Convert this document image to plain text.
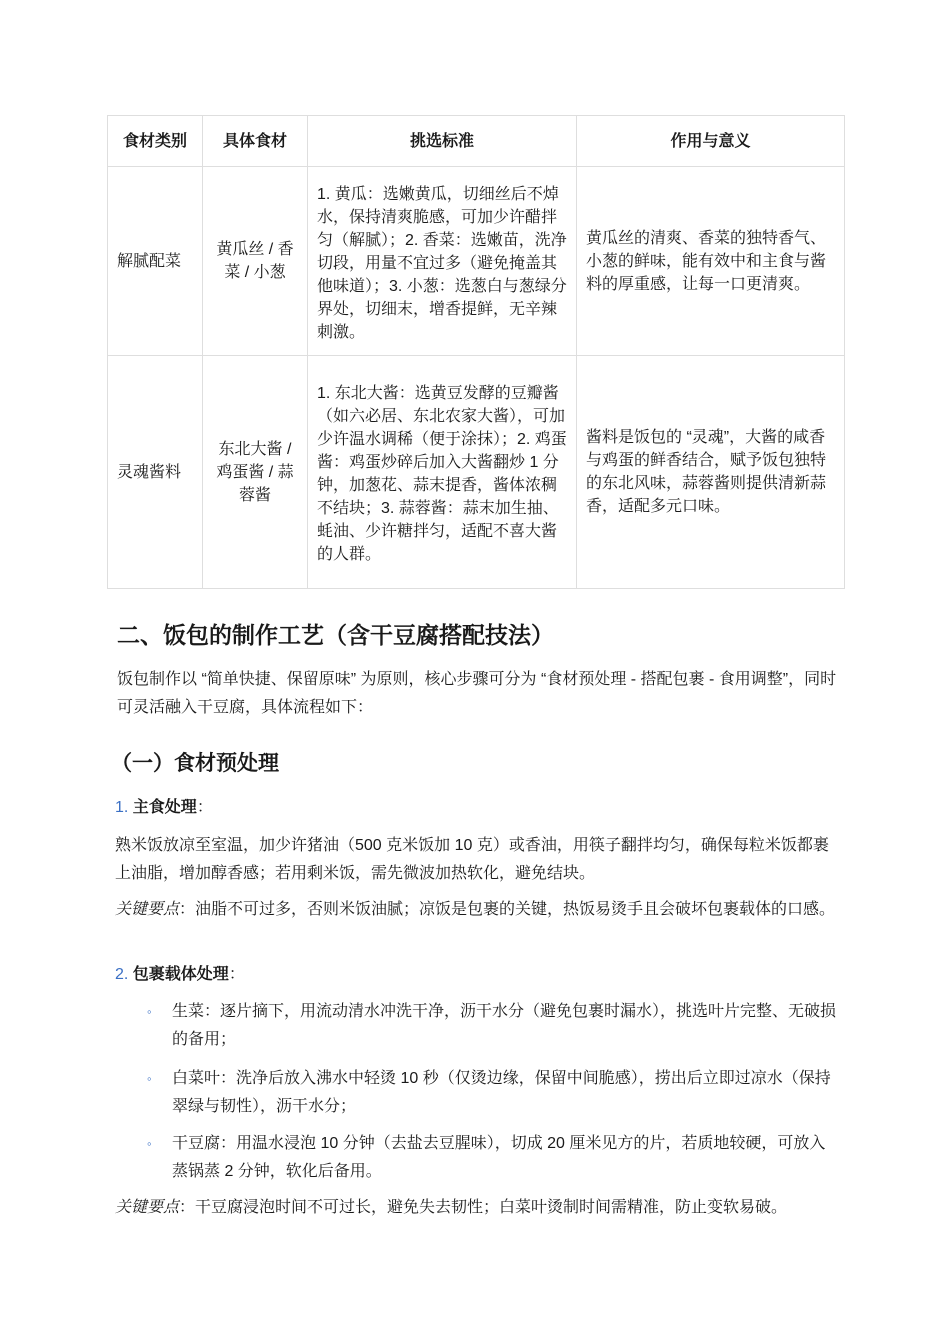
食材类别	具体食材	挑选标准	作用与意义
解腻配菜	黄瓜丝 / 香菜 / 小葱	1. 黄瓜：选嫩黄瓜，切细丝后不焯水，保持清爽脆感，可加少许醋拌匀（解腻）；2. 香菜：选嫩苗，洗净切段，用量不宜过多（避免掩盖其他味道）；3. 小葱：选葱白与葱绿分界处，切细末，增香提鲜，无辛辣刺激。	黄瓜丝的清爽、香菜的独特香气、小葱的鲜味，能有效中和主食与酱料的厚重感，让每一口更清爽。
灵魂酱料	东北大酱 / 鸡蛋酱 / 蒜蓉酱	1. 东北大酱：选黄豆发酵的豆瓣酱（如六必居、东北农家大酱），可加少许温水调稀（便于涂抹）；2. 鸡蛋酱：鸡蛋炒碎后加入大酱翻炒 1 分钟，加葱花、蒜末提香，酱体浓稠不结块；3. 蒜蓉酱：蒜末加生抽、蚝油、少许糖拌匀，适配不喜大酱的人群。	酱料是饭包的 “灵魂”，大酱的咸香与鸡蛋的鲜香结合，赋予饭包独特的东北风味，蒜蓉酱则提供清新蒜香，适配多元口味。
二、饭包的制作工艺（含干豆腐搭配技法）

饭包制作以 “简单快捷、保留原味” 为原则，核心步骤可分为 “食材预处理 - 搭配包裹 - 食用调整”，同时可灵活融入干豆腐，具体流程如下：

（一）食材预处理
1. 主食处理：

熟米饭放凉至室温，加少许猪油（500 克米饭加 10 克）或香油，用筷子翻拌均匀，确保每粒米饭都裹上油脂，增加醇香感；若用剩米饭，需先微波加热软化，避免结块。

关键要点：油脂不可过多，否则米饭油腻；凉饭是包裹的关键，热饭易烫手且会破坏包裹载体的口感。

2. 包裹载体处理：
◦ 生菜：逐片摘下，用流动清水冲洗干净，沥干水分（避免包裹时漏水），挑选叶片完整、无破损的备用；
◦ 白菜叶：洗净后放入沸水中轻烫 10 秒（仅烫边缘，保留中间脆感），捞出后立即过凉水（保持翠绿与韧性），沥干水分；
◦ 干豆腐：用温水浸泡 10 分钟（去盐去豆腥味），切成 20 厘米见方的片，若质地较硬，可放入蒸锅蒸 2 分钟，软化后备用。

关键要点：干豆腐浸泡时间不可过长，避免失去韧性；白菜叶烫制时间需精准，防止变软易破。
